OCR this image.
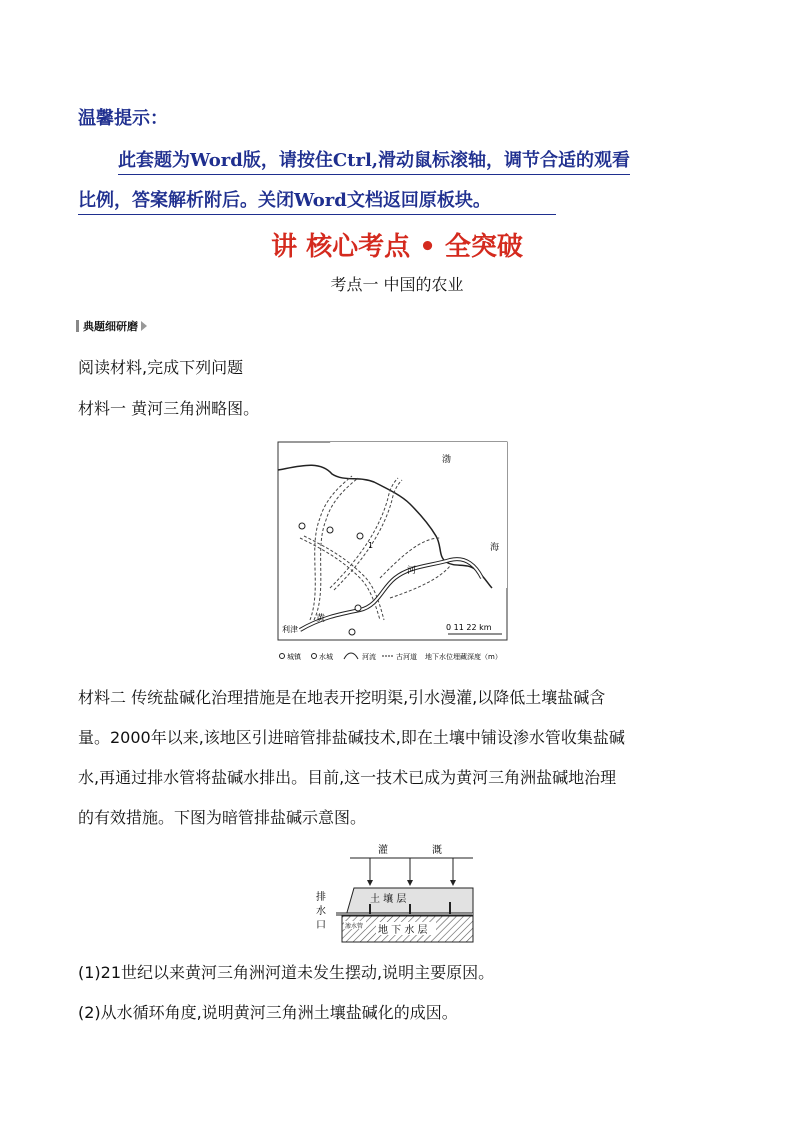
温馨提示：
此套题为Word版，请按住Ctrl,滑动鼠标滚轴，调节合适的观看
比例，答案解析附后。关闭Word文档返回原板块。
讲 核心考点 • 全突破
考点一 中国的农业
典题细研磨
阅读材料,完成下列问题
材料一 黄河三角洲略图。
渤
海
河
黄
利津
1
0 11 22 km
城镇	水城	河流	古河道 地下水位埋藏深度（m）
材料二 传统盐碱化治理措施是在地表开挖明渠,引水漫灌,以降低土壤盐碱含
量。2000年以来,该地区引进暗管排盐碱技术,即在土壤中铺设渗水管收集盐碱
水,再通过排水管将盐碱水排出。目前,这一技术已成为黄河三角洲盐碱地治理
的有效措施。下图为暗管排盐碱示意图。
灌	溉
土 壤 层
渗水管 地 下 水 层
排
水
口
(1)21世纪以来黄河三角洲河道未发生摆动,说明主要原因。
(2)从水循环角度,说明黄河三角洲土壤盐碱化的成因。
